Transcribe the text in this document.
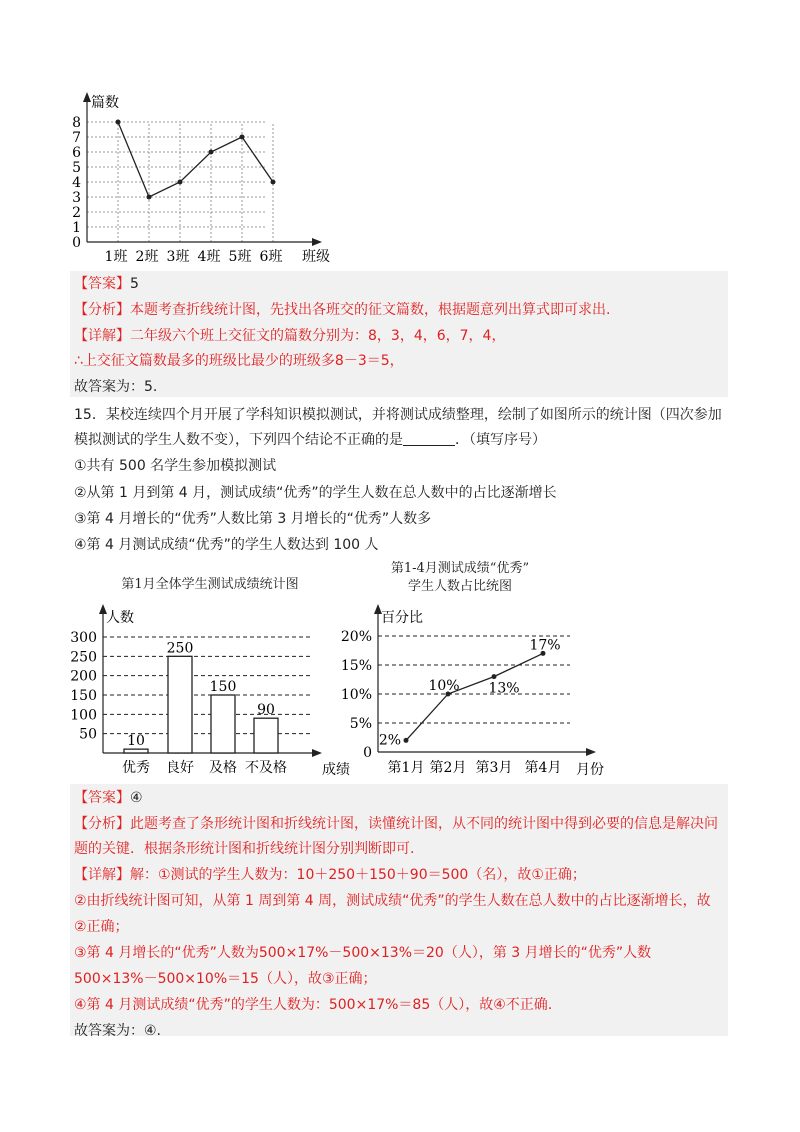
篇数
班级
0
1
2
3
4
5
6
7
8
1班 2班 3班 4班 5班 6班
【答案】5
【分析】本题考查折线统计图，先找出各班交的征文篇数，根据题意列出算式即可求出.
【详解】二年级六个班上交征文的篇数分别为：8，3，4，6，7，4，
∴上交征文篇数最多的班级比最少的班级多8－3＝5，
故答案为：5.
15．某校连续四个月开展了学科知识模拟测试，并将测试成绩整理，绘制了如图所示的统计图（四次参加
模拟测试的学生人数不变），下列四个结论不正确的是	．（填写序号）
①共有 500 名学生参加模拟测试
②从第 1 月到第 4 月，测试成绩“优秀”的学生人数在总人数中的占比逐渐增长
③第 4 月增长的“优秀”人数比第 3 月增长的“优秀”人数多
④第 4 月测试成绩“优秀”的学生人数达到 100 人
第1月全体学生测试成绩统计图
人数
成绩
50
100
150
200
250
300
10
优秀
250
良好
150
及格
90
不及格
第1-4月测试成绩“优秀”
学生人数占比统图
百分比
月份
0
5%
10%
15%
20%
第1月 第2月 第3月 第4月
2%
10% 13%
17%
【答案】④
【分析】此题考查了条形统计图和折线统计图，读懂统计图，从不同的统计图中得到必要的信息是解决问
题的关键．根据条形统计图和折线统计图分别判断即可.
【详解】解：①测试的学生人数为：10＋250＋150＋90＝500（名），故①正确；
②由折线统计图可知，从第 1 周到第 4 周，测试成绩“优秀”的学生人数在总人数中的占比逐渐增长，故
②正确；
③第 4 月增长的“优秀”人数为500×17%－500×13%＝20（人），第 3 月增长的“优秀”人数
500×13%－500×10%＝15（人），故③正确；
④第 4 月测试成绩“优秀”的学生人数为：500×17%＝85（人），故④不正确.
故答案为：④.
